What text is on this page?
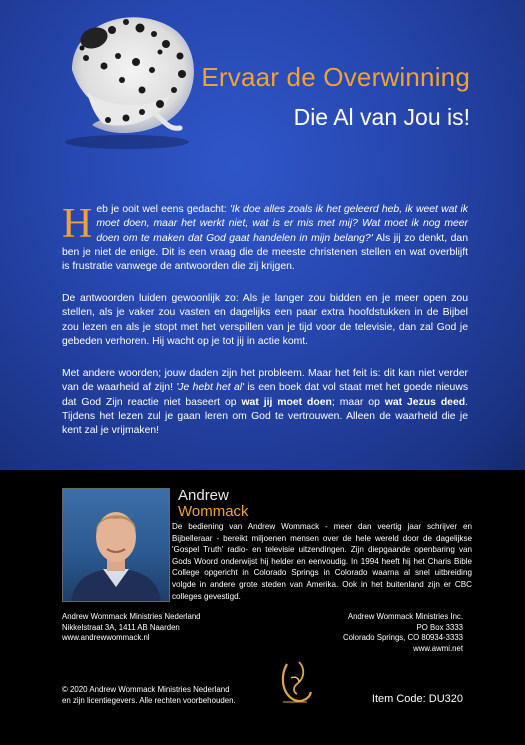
Ervaar de Overwinning
Die Al van Jou is!
H eb je ooit wel eens gedacht: 'Ik doe alles zoals ik het geleerd heb, ik weet wat ik moet doen, maar het werkt niet, wat is er mis met mij? Wat moet ik nog meer doen om te maken dat God gaat handelen in mijn belang?' Als jij zo denkt, dan ben je niet de enige. Dit is een vraag die de meeste christenen stellen en wat overblijft is frustratie vanwege de antwoorden die zij krijgen.
De antwoorden luiden gewoonlijk zo: Als je langer zou bidden en je meer open zou stellen, als je vaker zou vasten en dagelijks een paar extra hoofdstukken in de Bijbel zou lezen en als je stopt met het verspillen van je tijd voor de televisie, dan zal God je gebeden verhoren. Hij wacht op je tot jij in actie komt.
Met andere woorden; jouw daden zijn het probleem. Maar het feit is: dit kan niet verder van de waarheid af zijn! 'Je hebt het al' is een boek dat vol staat met het goede nieuws dat God Zijn reactie niet baseert op wat jij moet doen; maar op wat Jezus deed. Tijdens het lezen zul je gaan leren om God te vertrouwen. Alleen de waarheid die je kent zal je vrijmaken!
Andrew
Wommack
De bediening van Andrew Wommack - meer dan veertig jaar schrijver en Bijbelleraar - bereikt miljoenen mensen over de hele wereld door de dagelijkse 'Gospel Truth' radio- en televisie uitzendingen. Zijn diepgaande openbaring van Gods Woord onderwijst hij helder en eenvoudig. In 1994 heeft hij het Charis Bible College opgericht in Colorado Springs in Colorado waarna al snel uitbreiding volgde in andere grote steden van Amerika. Ook in het buitenland zijn er CBC colleges gevestigd.
Andrew Wommack Ministries Nederland
Nikkelstraat 3A, 1411 AB Naarden
www.andrewwommack.nl
Andrew Wommack Ministries Inc.
PO Box 3333
Colorado Springs, CO 80934-3333
www.awmi.net
© 2020 Andrew Wommack Ministries Nederland
en zijn licentiegevers. Alle rechten voorbehouden.	Item Code: DU320
